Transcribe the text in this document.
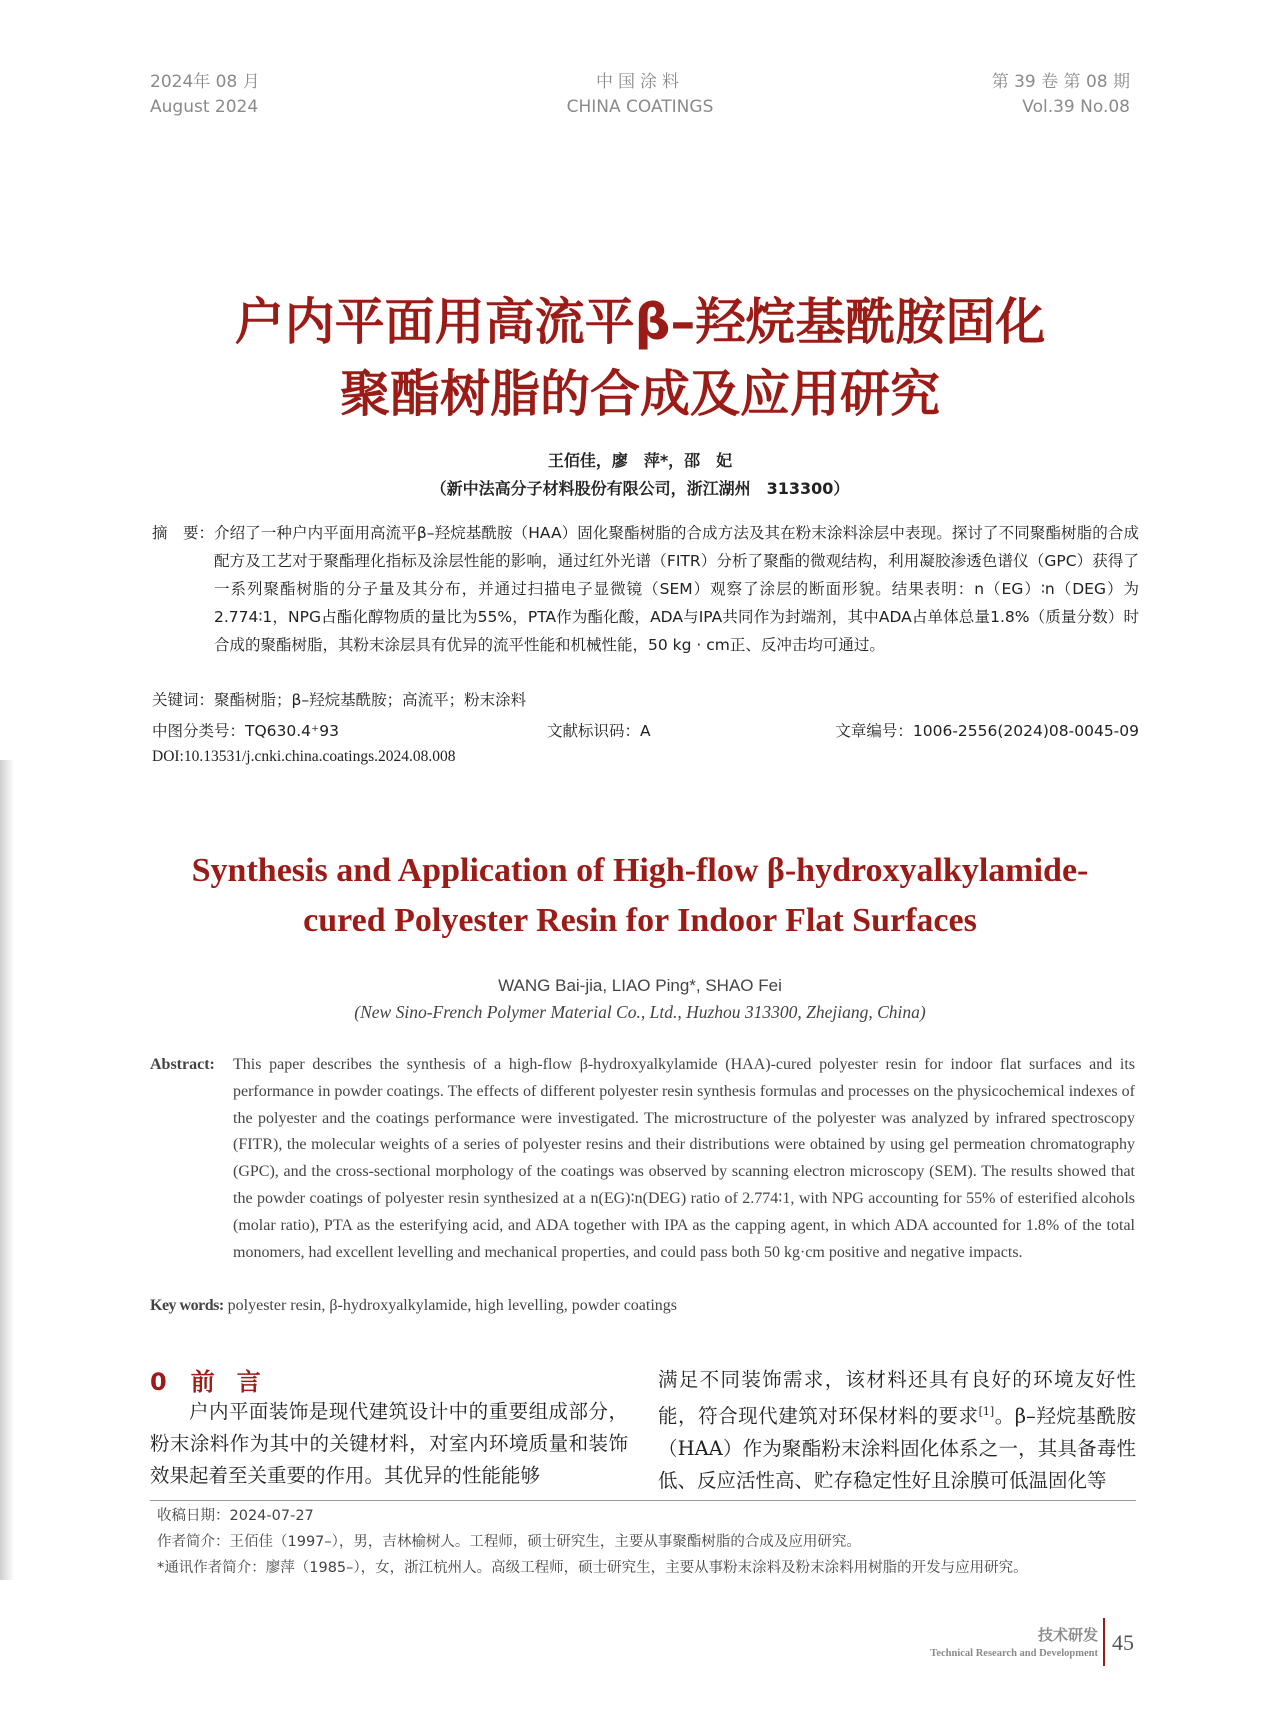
2024年 08 月
August 2024
中国涂料
CHINA COATINGS
第 39 卷 第 08 期
Vol.39 No.08
户内平面用高流平β–羟烷基酰胺固化
聚酯树脂的合成及应用研究
王佰佳，廖　萍*，邵　妃
（新中法高分子材料股份有限公司，浙江湖州　313300）
摘　要： 介绍了一种户内平面用高流平β–羟烷基酰胺（HAA）固化聚酯树脂的合成方法及其在粉末涂料涂层中表现。探讨了不同聚酯树脂的合成配方及工艺对于聚酯理化指标及涂层性能的影响，通过红外光谱（FITR）分析了聚酯的微观结构，利用凝胶渗透色谱仪（GPC）获得了一系列聚酯树脂的分子量及其分布，并通过扫描电子显微镜（SEM）观察了涂层的断面形貌。结果表明：n（EG）∶n（DEG）为2.774∶1，NPG占酯化醇物质的量比为55%，PTA作为酯化酸，ADA与IPA共同作为封端剂，其中ADA占单体总量1.8%（质量分数）时合成的聚酯树脂，其粉末涂层具有优异的流平性能和机械性能，50 kg · cm正、反冲击均可通过。
关键词：聚酯树脂；β–羟烷基酰胺；高流平；粉末涂料
中图分类号：TQ630.4⁺93	文献标识码：A	文章编号：1006-2556(2024)08-0045-09
DOI:10.13531/j.cnki.china.coatings.2024.08.008
Synthesis and Application of High-flow β-hydroxyalkylamide-
cured Polyester Resin for Indoor Flat Surfaces
WANG Bai-jia, LIAO Ping*, SHAO Fei
(New Sino-French Polymer Material Co., Ltd., Huzhou 313300, Zhejiang, China)
Abstract: This paper describes the synthesis of a high-flow β-hydroxyalkylamide (HAA)-cured polyester resin for indoor flat surfaces and its performance in powder coatings. The effects of different polyester resin synthesis formulas and processes on the physicochemical indexes of the polyester and the coatings performance were investigated. The microstructure of the polyester was analyzed by infrared spectroscopy (FITR), the molecular weights of a series of polyester resins and their distributions were obtained by using gel permeation chromatography (GPC), and the cross-sectional morphology of the coatings was observed by scanning electron microscopy (SEM). The results showed that the powder coatings of polyester resin synthesized at a n(EG)∶n(DEG) ratio of 2.774∶1, with NPG accounting for 55% of esterified alcohols (molar ratio), PTA as the esterifying acid, and ADA together with IPA as the capping agent, in which ADA accounted for 1.8% of the total monomers, had excellent levelling and mechanical properties, and could pass both 50 kg·cm positive and negative impacts.
Key words: polyester resin, β-hydroxyalkylamide, high levelling, powder coatings
0 前言
户内平面装饰是现代建筑设计中的重要组成部分，粉末涂料作为其中的关键材料，对室内环境质量和装饰效果起着至关重要的作用。其优异的性能能够
满足不同装饰需求，该材料还具有良好的环境友好性能，符合现代建筑对环保材料的要求[1]。β–羟烷基酰胺（HAA）作为聚酯粉末涂料固化体系之一，其具备毒性低、反应活性高、贮存稳定性好且涂膜可低温固化等
收稿日期：2024-07-27
作者简介：王佰佳（1997–），男，吉林榆树人。工程师，硕士研究生，主要从事聚酯树脂的合成及应用研究。
*通讯作者简介：廖萍（1985–），女，浙江杭州人。高级工程师，硕士研究生，主要从事粉末涂料及粉末涂料用树脂的开发与应用研究。
技术研发
Technical Research and Development 45
